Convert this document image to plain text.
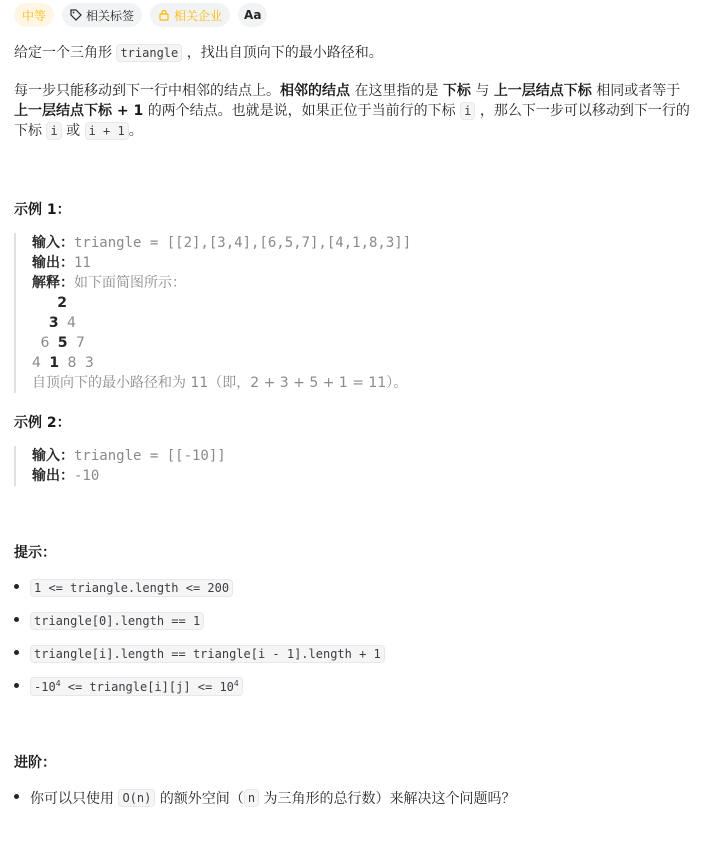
中等	相关标签	相关企业 Aa
给定一个三角形 triangle ，找出自顶向下的最小路径和。
每一步只能移动到下一行中相邻的结点上。相邻的结点 在这里指的是 下标 与 上一层结点下标 相同或者等于 上一层结点下标 + 1 的两个结点。也就是说，如果正位于当前行的下标 i ，那么下一步可以移动到下一行的下标 i 或 i + 1 。
示例 1：
输入：triangle = [[2],[3,4],[6,5,7],[4,1,8,3]]
输出：11
解释：如下面简图所示：
2
3 4
6 5 7
4 1 8 3
自顶向下的最小路径和为 11（即，2 + 3 + 5 + 1 = 11）。
示例 2：
输入：triangle = [[-10]]
输出：-10
提示：
1 <= triangle.length <= 200
triangle[0].length == 1
triangle[i].length == triangle[i - 1].length + 1
$-10^4$ <= triangle[i][j] <= $10^4$
进阶：
你可以只使用
O(n)
的额外空间（ n
为三角形的总行数）来解决这个问题吗？
